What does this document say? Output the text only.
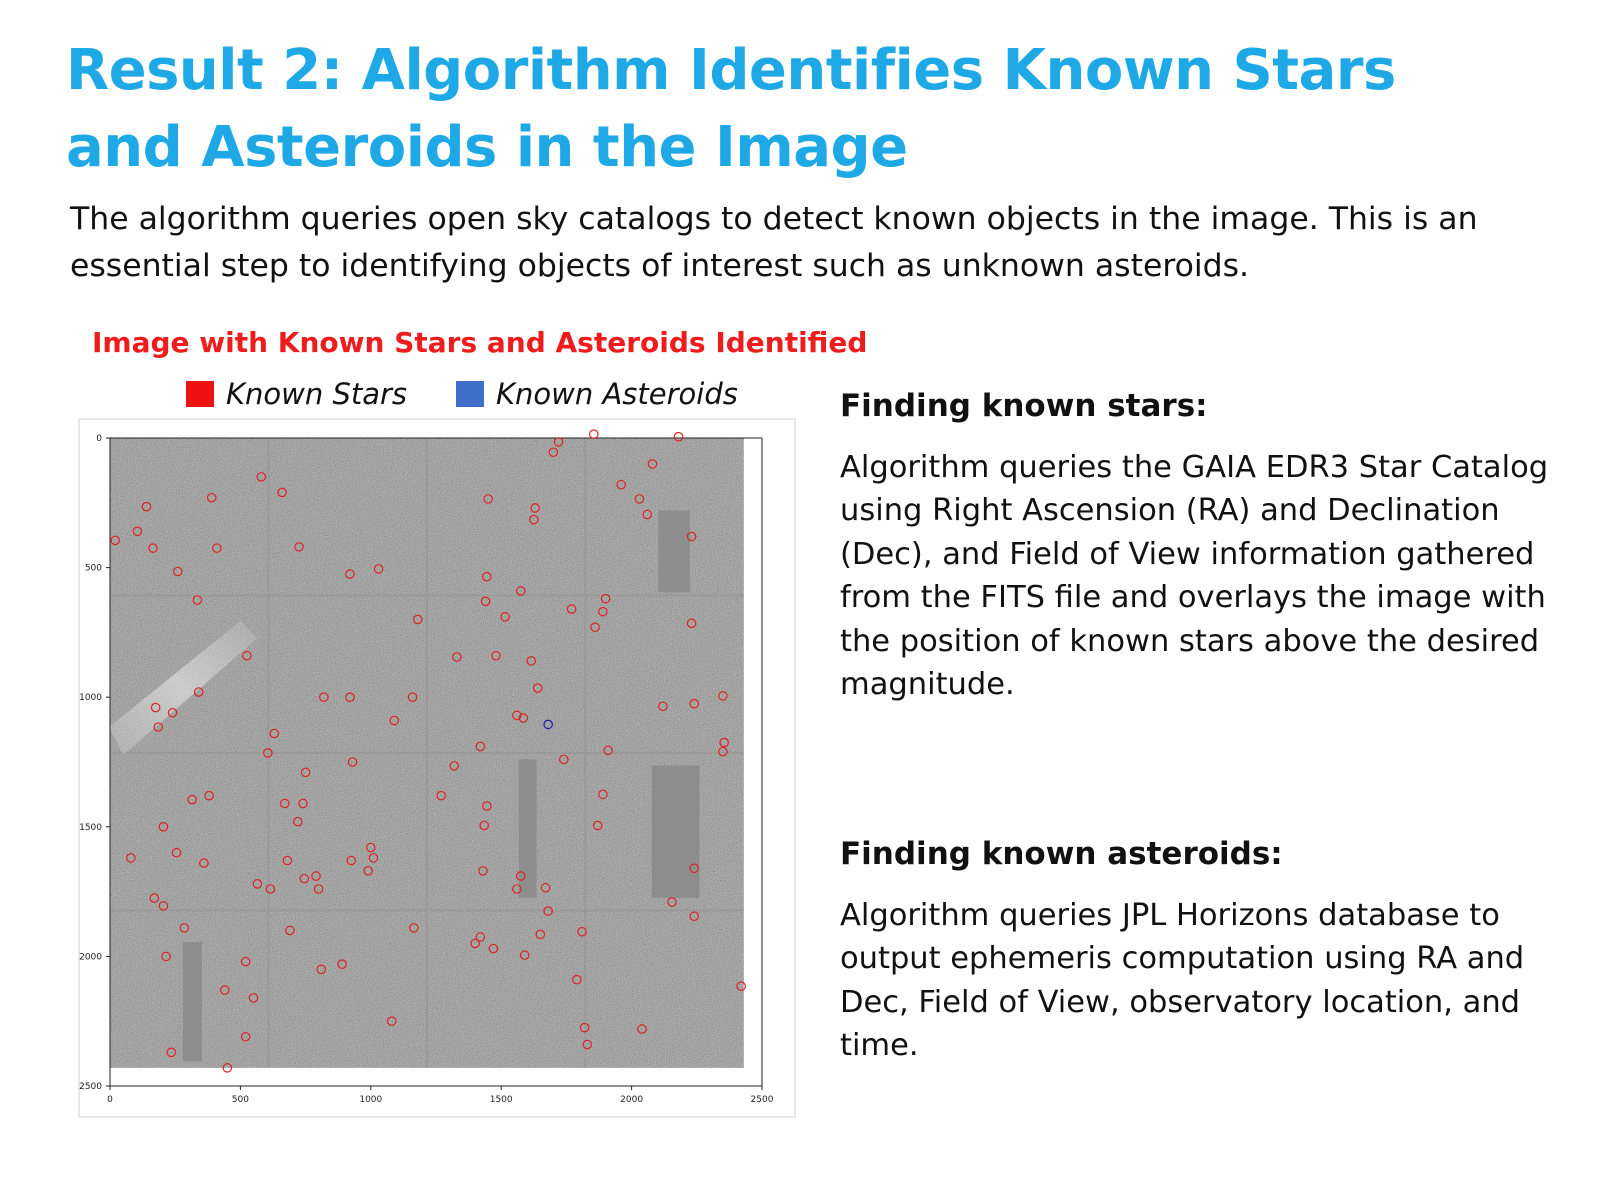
Result 2: Algorithm Identifies Known Stars and Asteroids in the Image

The algorithm queries open sky catalogs to detect known objects in the image. This is an essential step to identifying objects of interest such as unknown asteroids.

Image with Known Stars and Asteroids Identified
Known Stars	Known Asteroids
0	500	1000	1500	2000	2500
0
500
1000
1500
2000
2500
Finding known stars:
Algorithm queries the GAIA EDR3 Star Catalog using Right Ascension (RA) and Declination (Dec), and Field of View information gathered from the FITS file and overlays the image with the position of known stars above the desired magnitude.
Finding known asteroids:
Algorithm queries JPL Horizons database to output ephemeris computation using RA and Dec, Field of View, observatory location, and time.
